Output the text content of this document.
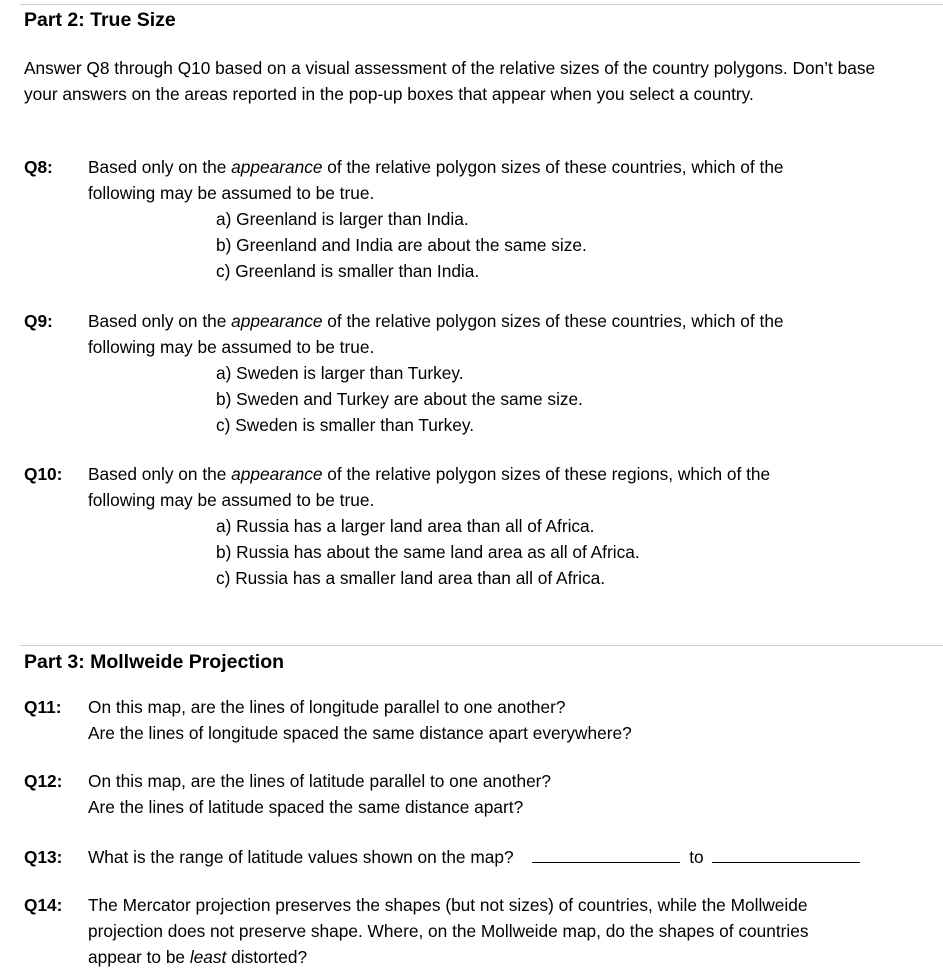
Part 2: True Size

Answer Q8 through Q10 based on a visual assessment of the relative sizes of the country polygons. Don’t base your answers on the areas reported in the pop-up boxes that appear when you select a country.

Q8: Based only on the appearance of the relative polygon sizes of these countries, which of the
following may be assumed to be true.
a) Greenland is larger than India.
b) Greenland and India are about the same size.
c) Greenland is smaller than India.
Q9: Based only on the appearance of the relative polygon sizes of these countries, which of the
following may be assumed to be true.
a) Sweden is larger than Turkey.
b) Sweden and Turkey are about the same size.
c) Sweden is smaller than Turkey.
Q10: Based only on the appearance of the relative polygon sizes of these regions, which of the
following may be assumed to be true.
a) Russia has a larger land area than all of Africa.
b) Russia has about the same land area as all of Africa.
c) Russia has a smaller land area than all of Africa.
Part 3: Mollweide Projection
Q11: On this map, are the lines of longitude parallel to one another?
Are the lines of longitude spaced the same distance apart everywhere?
Q12: On this map, are the lines of latitude parallel to one another?
Are the lines of latitude spaced the same distance apart?
Q13: What is the range of latitude values shown on the map?	to
Q14: The Mercator projection preserves the shapes (but not sizes) of countries, while the Mollweide
projection does not preserve shape. Where, on the Mollweide map, do the shapes of countries
appear to be least distorted?
